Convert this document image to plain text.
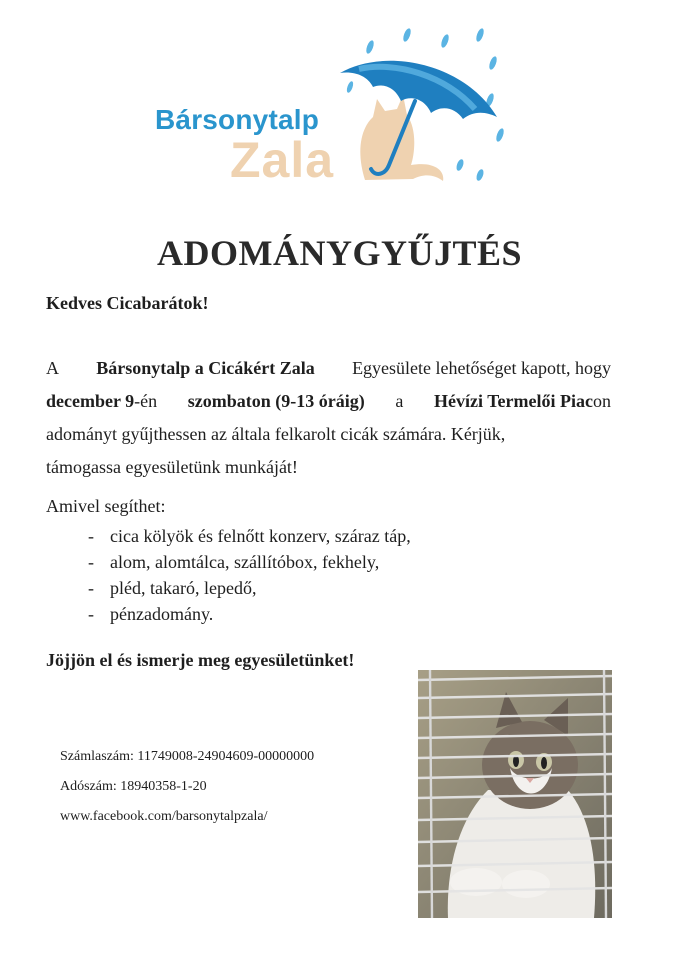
Bársonytalp
Zala
ADOMÁNYGYŰJTÉS
Kedves Cicabarátok!
A Bársonytalp a Cicákért Zala Egyesülete lehetőséget kapott, hogy
december 9-én szombaton (9-13 óráig) a Hévízi Termelői Piacon
adományt gyűjthessen az általa felkarolt cicák számára. Kérjük,
támogassa egyesületünk munkáját!
Amivel segíthet:
- cica kölyök és felnőtt konzerv, száraz táp,
- alom, alomtálca, szállítóbox, fekhely,
- pléd, takaró, lepedő,
- pénzadomány.
Jöjjön el és ismerje meg egyesületünket!
Számlaszám: 11749008-24904609-00000000
Adószám: 18940358-1-20
www.facebook.com/barsonytalpzala/
